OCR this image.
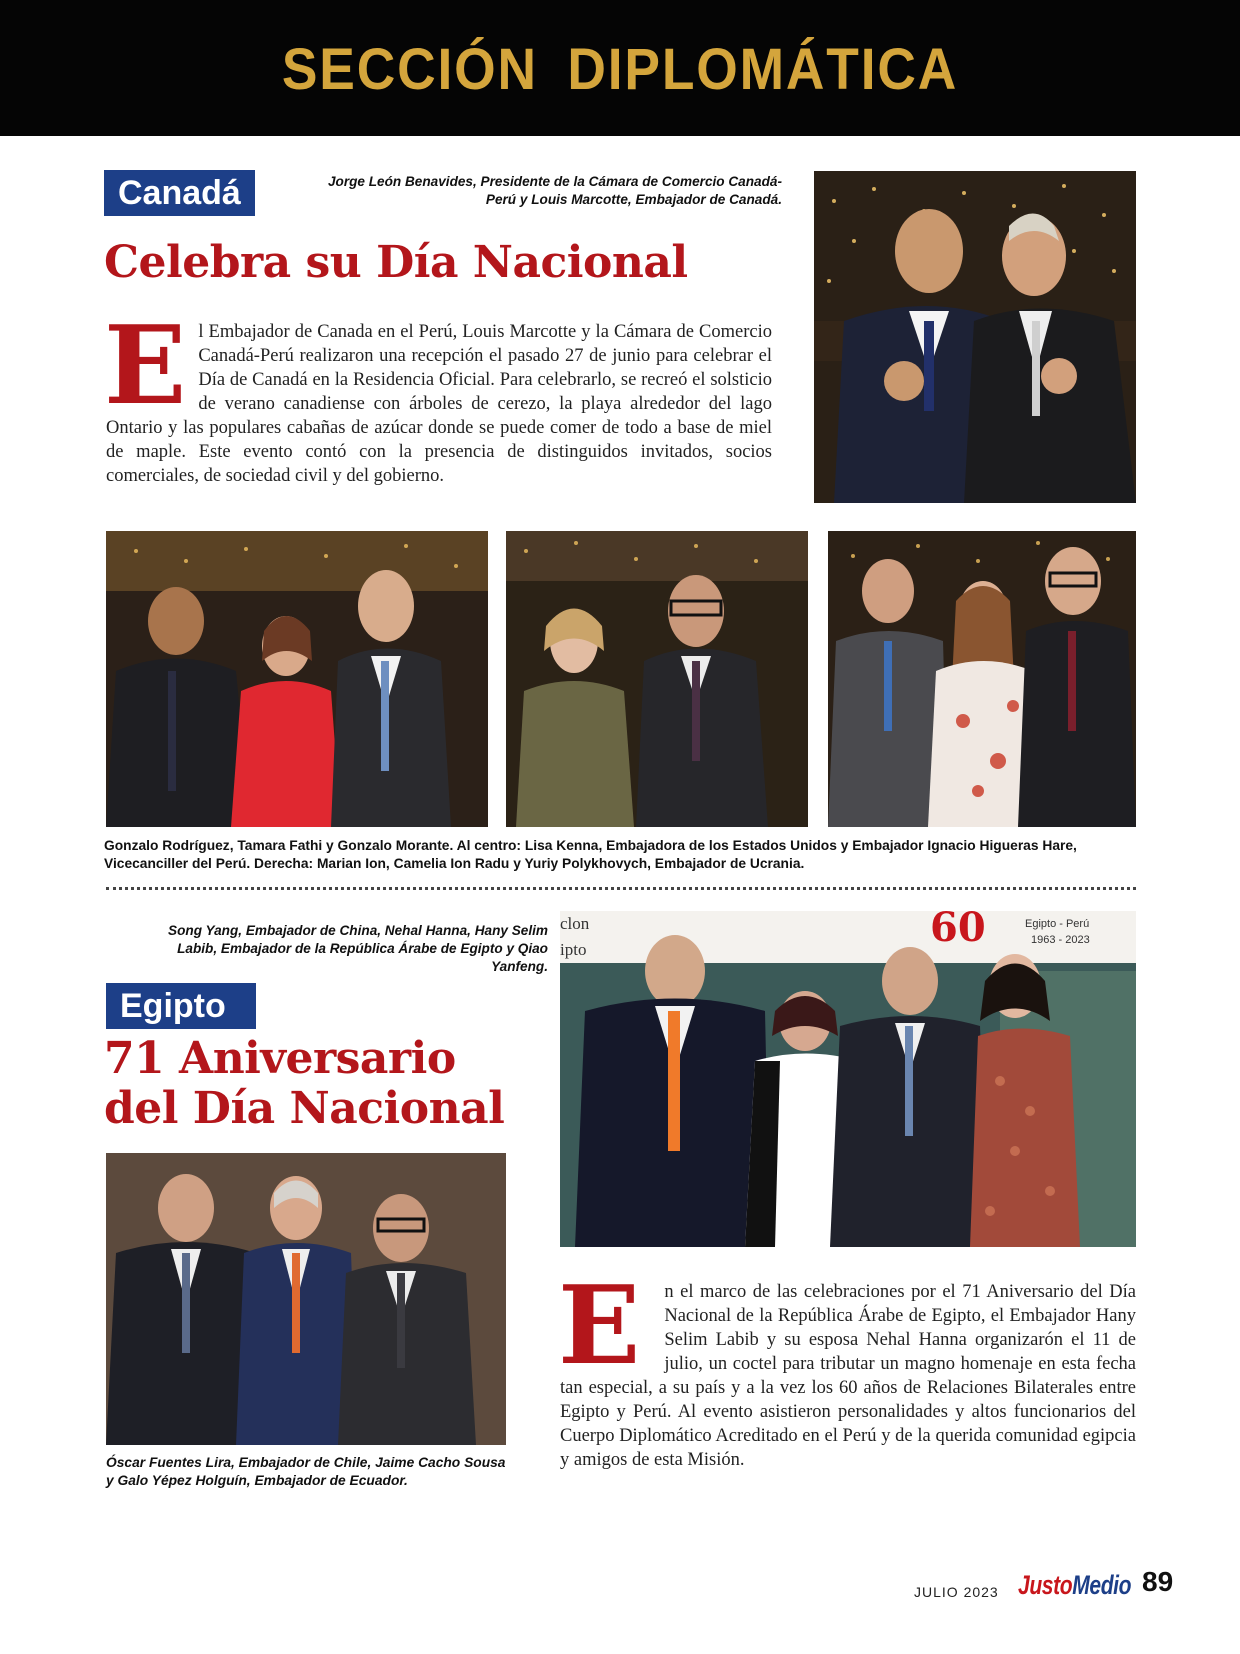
SECCIÓN DIPLOMÁTICA
Canadá	Jorge León Benavides, Presidente de la Cámara de Comercio Canadá-Perú y Louis Marcotte, Embajador de Canadá.
Celebra su Día Nacional
El Embajador de Canada en el Perú, Louis Marcotte y la Cámara de Comercio Canadá-Perú realizaron una recepción el pasado 27 de junio para celebrar el Día de Canadá en la Residencia Oficial. Para celebrarlo, se recreó el solsticio de verano canadiense con árboles de cerezo, la playa alrededor del lago Ontario y las populares cabañas de azúcar donde se puede comer de todo a base de miel de maple. Este evento contó con la presencia de distinguidos invitados, socios comerciales, de sociedad civil y del gobierno.
Gonzalo Rodríguez, Tamara Fathi y Gonzalo Morante. Al centro: Lisa Kenna, Embajadora de los Estados Unidos y Embajador Ignacio Higueras Hare, Vicecanciller del Perú. Derecha: Marian Ion, Camelia Ion Radu y Yuriy Polykhovych, Embajador de Ucrania.
Song Yang, Embajador de China, Nehal Hanna, Hany Selim Labib, Embajador de la República Árabe de Egipto y Qiao Yanfeng.
Egipto
71 Aniversario
del Día Nacional
clon
ipto
Egipto - Perú
1963 - 2023
60
Óscar Fuentes Lira, Embajador de Chile, Jaime Cacho Sousa y Galo Yépez Holguín, Embajador de Ecuador.
E n el marco de las celebraciones por el 71 Aniversario del Día Nacional de la República Árabe de Egipto, el Embajador Hany Selim Labib y su esposa Nehal Hanna organizarón el 11 de julio, un coctel para tributar un magno homenaje en esta fecha tan especial, a su país y a la vez los 60 años de Relaciones Bilaterales entre Egipto y Perú. Al evento asistieron personalidades y altos funcionarios del Cuerpo Diplomático Acreditado en el Perú y de la querida comunidad egipcia y amigos de esta Misión.
JULIO 2023 JustoMedio 89
